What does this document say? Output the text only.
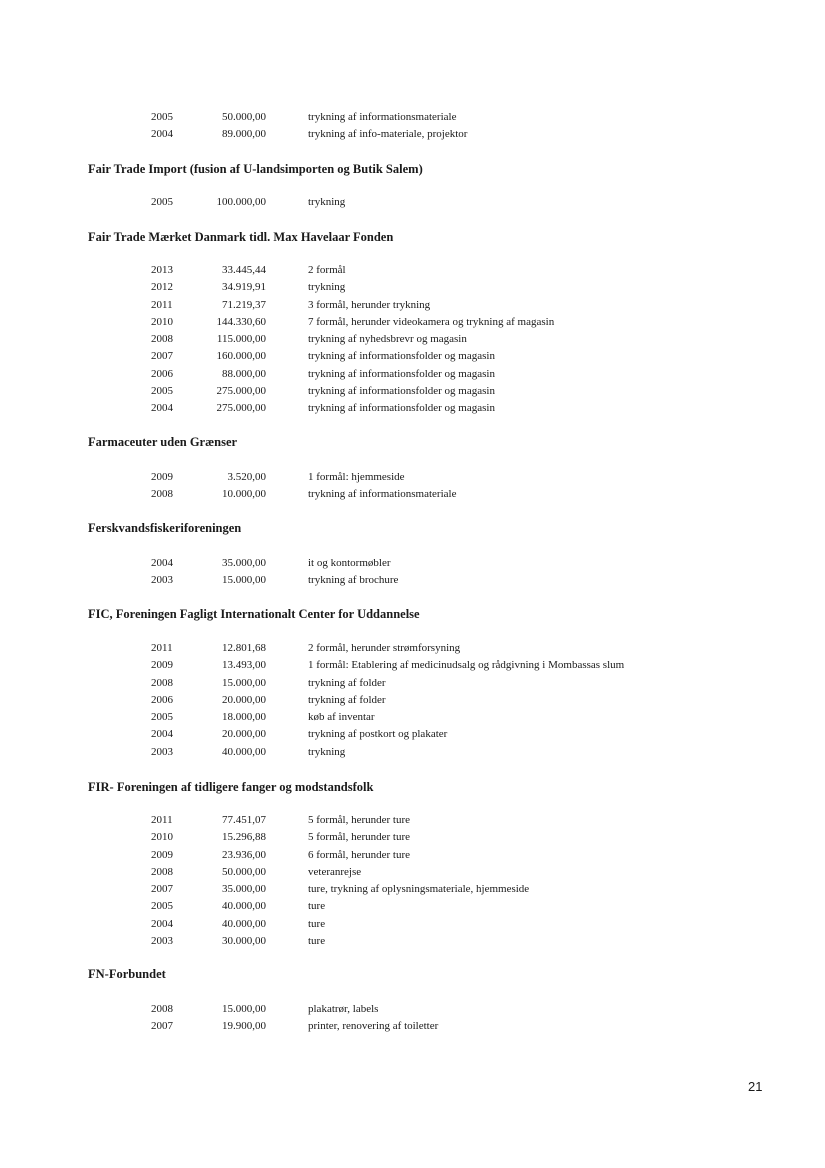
2005	50.000,00	trykning af informationsmateriale
2004	89.000,00	trykning af info-materiale, projektor
Fair Trade Import (fusion af U-landsimporten og Butik Salem)
2005	100.000,00	trykning
Fair Trade Mærket Danmark tidl. Max Havelaar Fonden
2013	33.445,44	2 formål
2012	34.919,91	trykning
2011	71.219,37	3 formål, herunder trykning
2010	144.330,60	7 formål, herunder videokamera og trykning af magasin
2008	115.000,00	trykning af nyhedsbrevr og magasin
2007	160.000,00	trykning af informationsfolder og magasin
2006	88.000,00	trykning af informationsfolder og magasin
2005	275.000,00	trykning af informationsfolder og magasin
2004	275.000,00	trykning af informationsfolder og magasin
Farmaceuter uden Grænser
2009	3.520,00	1 formål: hjemmeside
2008	10.000,00	trykning af informationsmateriale
Ferskvandsfiskeriforeningen
2004	35.000,00	it og kontormøbler
2003	15.000,00	trykning af brochure
FIC, Foreningen Fagligt Internationalt Center for Uddannelse
2011	12.801,68	2 formål, herunder strømforsyning
2009	13.493,00	1 formål: Etablering af medicinudsalg og rådgivning i Mombassas slum
2008	15.000,00	trykning af folder
2006	20.000,00	trykning af folder
2005	18.000,00	køb af inventar
2004	20.000,00	trykning af postkort og plakater
2003	40.000,00	trykning
FIR- Foreningen af tidligere fanger og modstandsfolk
2011	77.451,07	5 formål, herunder ture
2010	15.296,88	5 formål, herunder ture
2009	23.936,00	6 formål, herunder ture
2008	50.000,00	veteranrejse
2007	35.000,00	ture, trykning af oplysningsmateriale, hjemmeside
2005	40.000,00	ture
2004	40.000,00	ture
2003	30.000,00	ture
FN-Forbundet
2008	15.000,00	plakatrør, labels
2007	19.900,00	printer, renovering af toiletter
21
